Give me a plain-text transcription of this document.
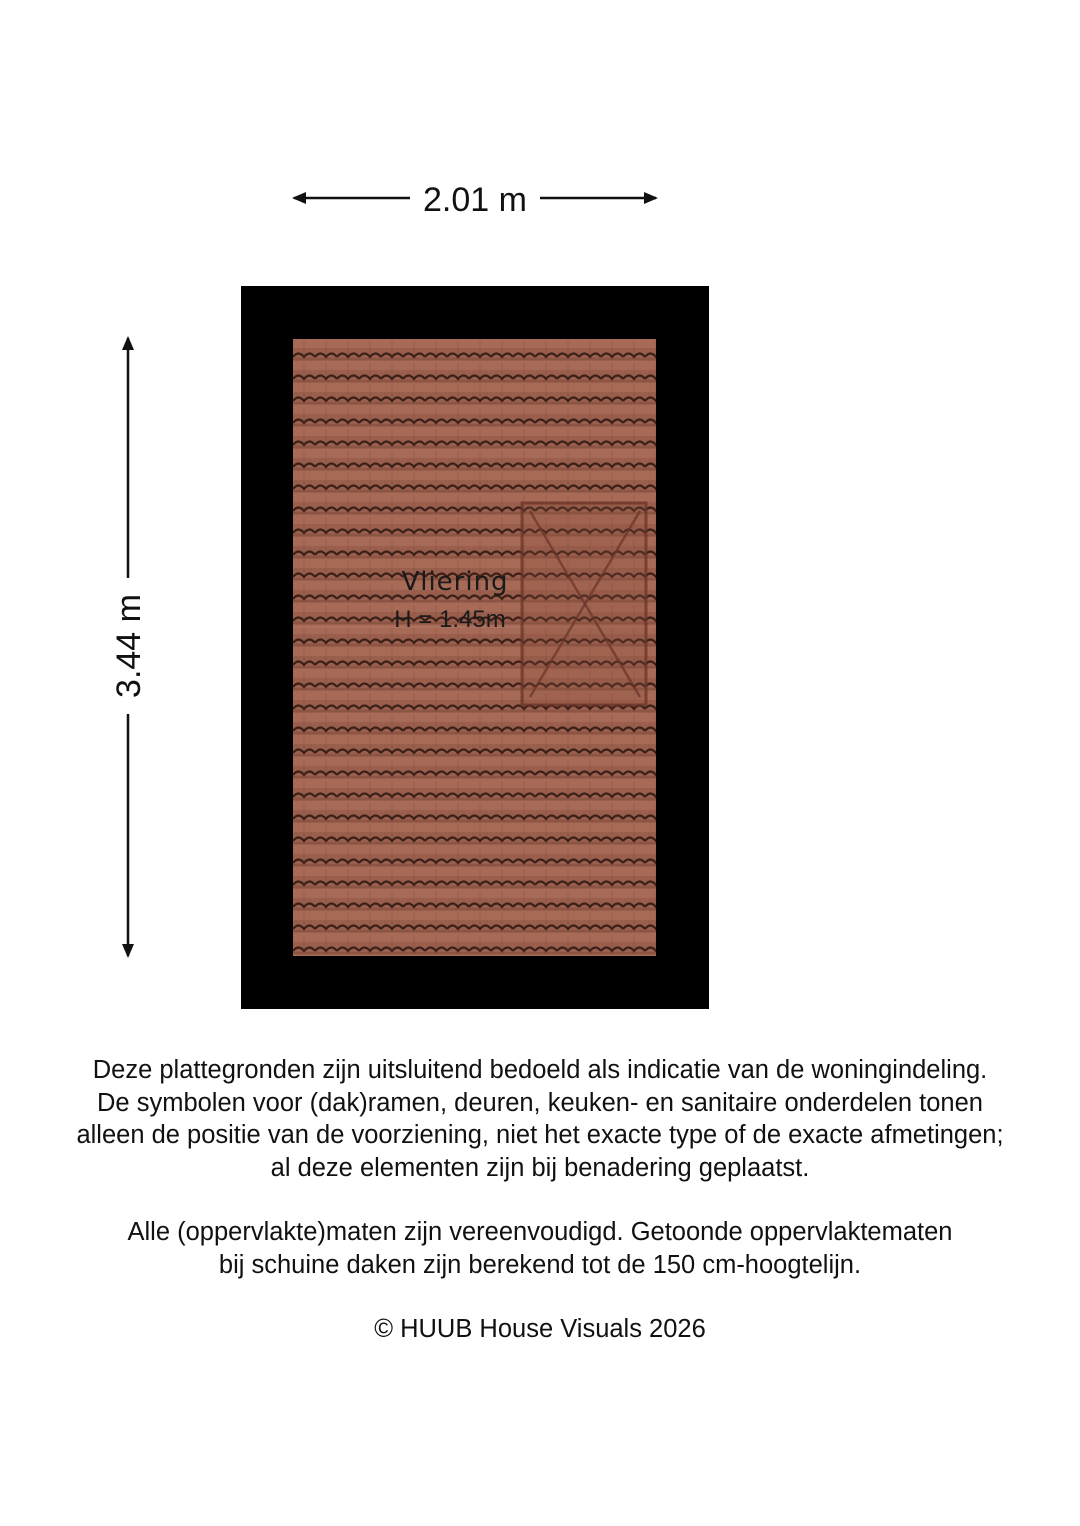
2.01 m
3.44 m
Vliering
H = 1.45m

Deze plattegronden zijn uitsluitend bedoeld als indicatie van de woningindeling.

De symbolen voor (dak)ramen, deuren, keuken- en sanitaire onderdelen tonen

alleen de positie van de voorziening, niet het exacte type of de exacte afmetingen;

al deze elementen zijn bij benadering geplaatst.

Alle (oppervlakte)maten zijn vereenvoudigd. Getoonde oppervlaktematen

bij schuine daken zijn berekend tot de 150 cm-hoogtelijn.

© HUUB House Visuals 2026
